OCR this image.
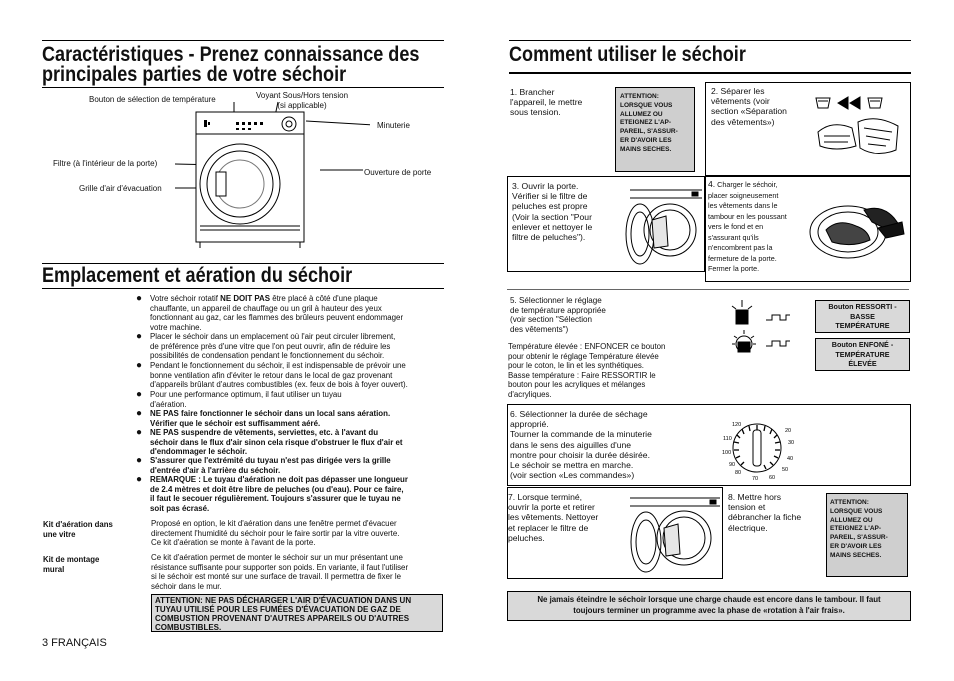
Caractéristiques - Prenez connaissance des
principales parties de votre séchoir
Bouton de sélection de température	Voyant Sous/Hors tension
(si applicable)
Minuterie
Filtre (à l'intérieur de la porte)
Ouverture de porte
Grille d'air d'évacuation
Emplacement et aération du séchoir
● Votre séchoir rotatif NE DOIT PAS être placé à côté d'une plaque
chauffante, un appareil de chauffage ou un gril à hauteur des yeux
fonctionnant au gaz, car les flammes des brûleurs peuvent endommager
votre machine.
● Placer le séchoir dans un emplacement où l'air peut circuler librement,
de préférence près d'une vitre que l'on peut ouvrir, afin de réduire les
possibilités de condensation pendant le fonctionnement du séchoir.
● Pendant le fonctionnement du séchoir, il est indispensable de prévoir une
bonne ventilation afin d'éviter le retour dans le local de gaz provenant
d'appareils brûlant d'autres combustibles (ex. feux de bois à foyer ouvert).
● Pour une performance optimum, il faut utiliser un tuyau
d'aération.
● NE PAS faire fonctionner le séchoir dans un local sans aération.
Vérifier que le séchoir est suffisamment aéré.
● NE PAS suspendre de vêtements, serviettes, etc. à l'avant du
séchoir dans le flux d'air sinon cela risque d'obstruer le flux d'air et
d'endommager le séchoir.
● S'assurer que l'extrémité du tuyau n'est pas dirigée vers la grille
d'entrée d'air à l'arrière du séchoir.
● REMARQUE : Le tuyau d'aération ne doit pas dépasser une longueur
de 2.4 mètres et doit être libre de peluches (ou d'eau). Pour ce faire,
il faut le secouer régulièrement. Toujours s'assurer que le tuyau ne
soit pas écrasé.
Kit d'aération dans
une vitre
Proposé en option, le kit d'aération dans une fenêtre permet d'évacuer
directement l'humidité du séchoir pour le faire sortir par la vitre ouverte.
Ce kit d'aération se monte à l'avant de la porte.
Kit de montage
mural
Ce kit d'aération permet de monter le séchoir sur un mur présentant une
résistance suffisante pour supporter son poids. En variante, il faut l'utiliser
si le séchoir est monté sur une surface de travail. Il permettra de fixer le
séchoir dans le mur.
ATTENTION: NE PAS DÉCHARGER L'AIR D'ÉVACUATION DANS UN
TUYAU UTILISÉ POUR LES FUMÉES D'ÉVACUATION DE GAZ DE
COMBUSTION PROVENANT D'AUTRES APPAREILS OU D'AUTRES
COMBUSTIBLES.
3 FRANÇAIS
Comment utiliser le séchoir
1. Brancher
l'appareil, le mettre
sous tension.
ATTENTION:
LORSQUE VOUS
ALLUMEZ OU
ETEIGNEZ L'AP-
PAREIL, S'ASSUR-
ER D'AVOIR LES
MAINS SECHES.
2. Séparer les
vêtements (voir
section «Séparation
des vêtements»)
3. Ouvrir la porte.
Vérifier si le filtre de
peluches est propre
(Voir la section "Pour
enlever et nettoyer le
filtre de peluches").
4. Charger le séchoir,
placer soigneusement
les vêtements dans le
tambour en les poussant
vers le fond et en
s'assurant qu'ils
n'encombrent pas la
fermeture de la porte.
Fermer la porte.
5. Sélectionner le réglage
de température appropriée
(voir section "Sélection
des vêtements")
Température élevée : ENFONCER ce bouton
pour obtenir le réglage Température élevée
pour le coton, le lin et les synthétiques.
Basse température : Faire RESSORTIR le
bouton pour les acryliques et mélanges
d'acryliques.
Bouton RESSORTI -
BASSE
TEMPÉRATURE
Bouton ENFONÉ -
TEMPÉRATURE
ÉLEVÉE
6. Sélectionner la durée de séchage
approprié.
Tourner la commande de la minuterie
dans le sens des aiguilles d'une
montre pour choisir la durée désirée.
Le séchoir se mettra en marche.
(voir section «Les commandes»)
120
20
110
30
100
40
90
50
80
60
70
7. Lorsque terminé,
ouvrir la porte et retirer
les vêtements. Nettoyer
et replacer le filtre de
peluches.
8. Mettre hors
tension et
débrancher la fiche
électrique.
ATTENTION:
LORSQUE VOUS
ALLUMEZ OU
ETEIGNEZ L'AP-
PAREIL, S'ASSUR-
ER D'AVOIR LES
MAINS SECHES.
Ne jamais éteindre le séchoir lorsque une charge chaude est encore dans le tambour. Il faut
toujours terminer un programme avec la phase de «rotation à l'air frais».
